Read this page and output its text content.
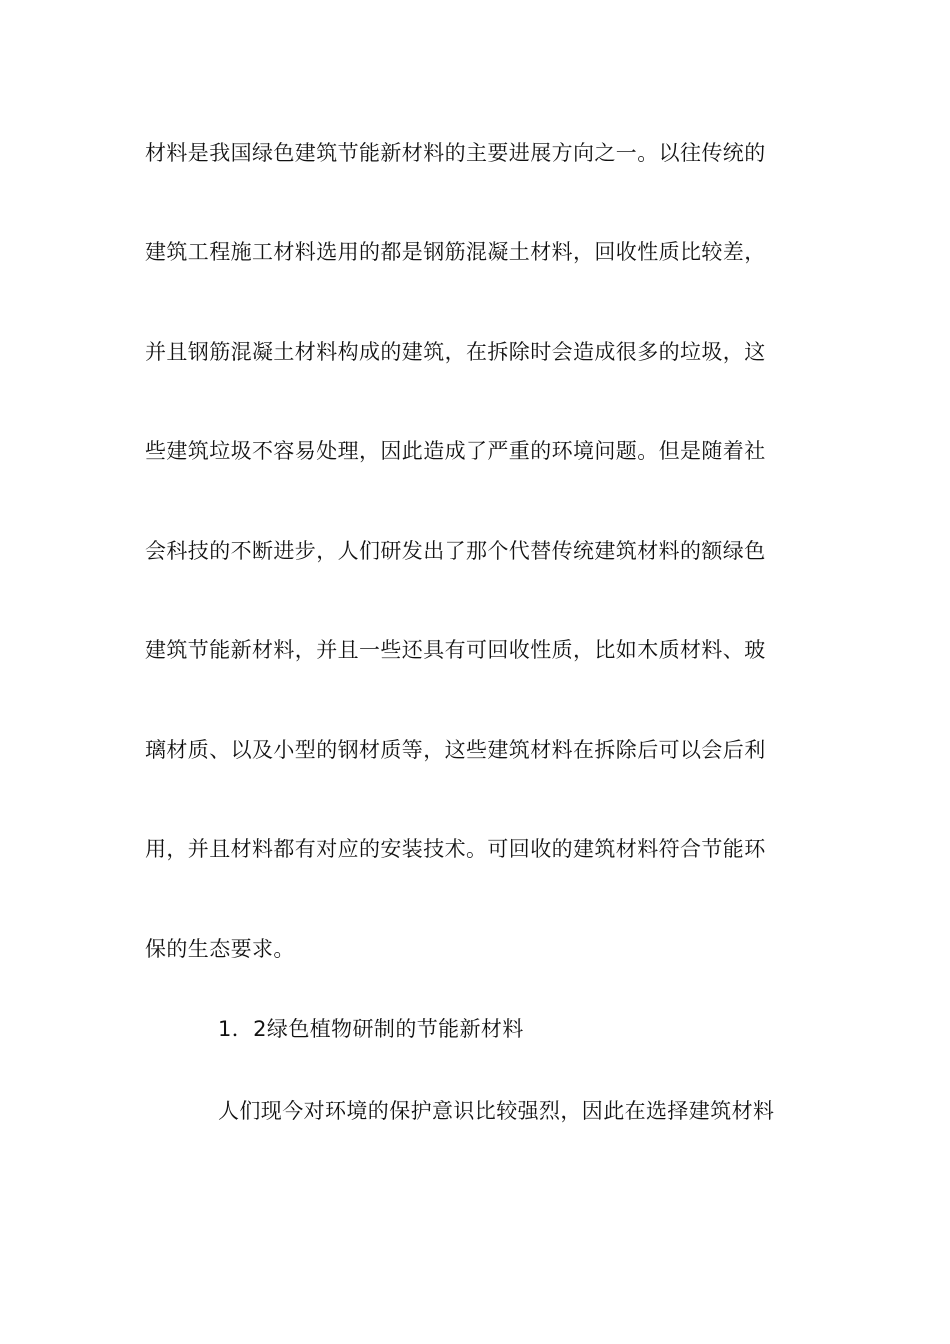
材料是我国绿色建筑节能新材料的主要进展方向之一。以往传统的
建筑工程施工材料选用的都是钢筋混凝土材料，回收性质比较差，
并且钢筋混凝土材料构成的建筑，在拆除时会造成很多的垃圾，这
些建筑垃圾不容易处理，因此造成了严重的环境问题。但是随着社
会科技的不断进步，人们研发出了那个代替传统建筑材料的额绿色
建筑节能新材料，并且一些还具有可回收性质，比如木质材料、玻
璃材质、以及小型的钢材质等，这些建筑材料在拆除后可以会后利
用，并且材料都有对应的安装技术。可回收的建筑材料符合节能环
保的生态要求。
1．2绿色植物研制的节能新材料
人们现今对环境的保护意识比较强烈，因此在选择建筑材料
